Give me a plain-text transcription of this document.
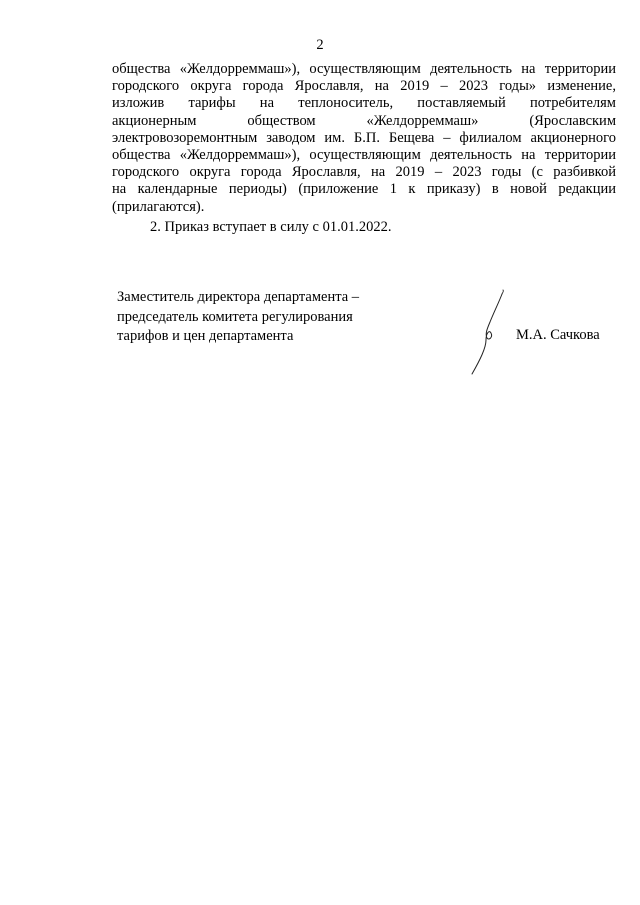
2
общества «Желдорреммаш»), осуществляющим деятельность на территории
городского округа города Ярославля, на 2019 – 2023 годы» изменение,
изложив тарифы на теплоноситель, поставляемый потребителям
акционерным обществом «Желдорреммаш» (Ярославским
электровозоремонтным заводом им. Б.П. Бещева – филиалом акционерного
общества «Желдорреммаш»), осуществляющим деятельность на территории
городского округа города Ярославля, на 2019 – 2023 годы (с разбивкой
на календарные периоды) (приложение 1 к приказу) в новой редакции
(прилагаются).
2. Приказ вступает в силу с 01.01.2022.
Заместитель директора департамента –
председатель комитета регулирования
тарифов и цен департамента	М.А. Сачкова
